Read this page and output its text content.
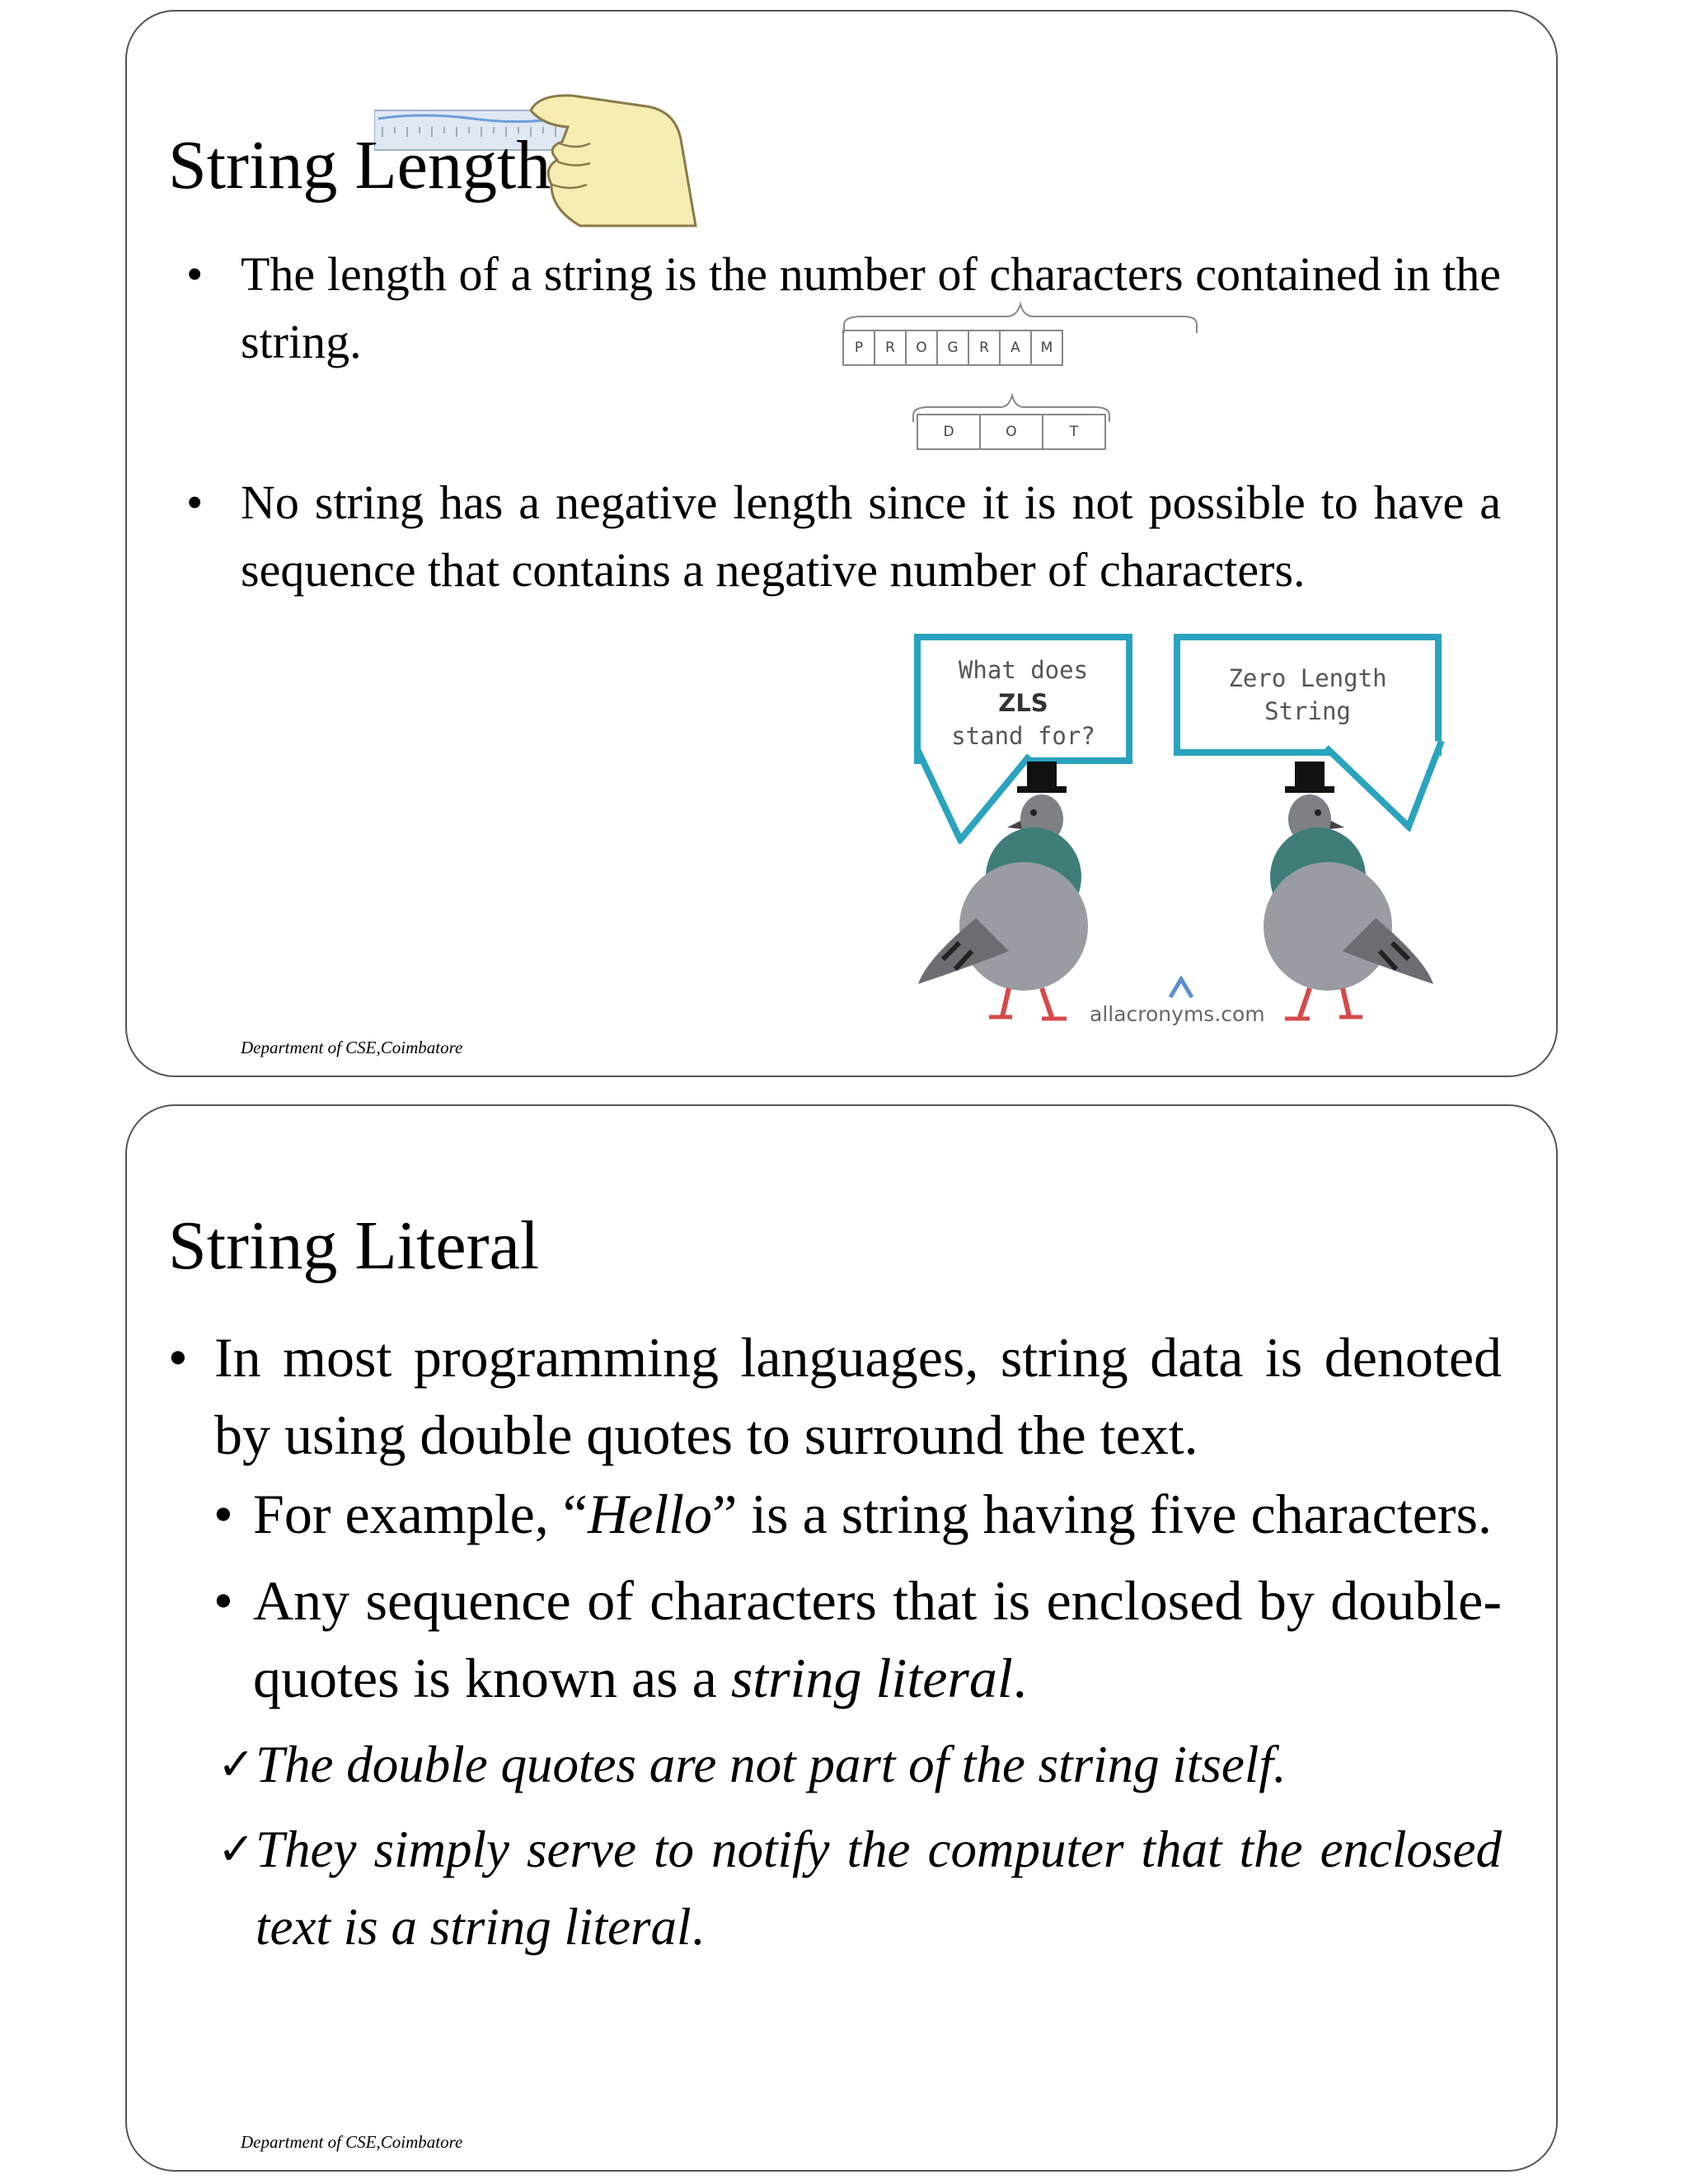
String Length
• The length of a string is the number of characters contained in the string.	P	R	O	G	R	A	M
D	O	T
• No string has a negative length since it is not possible to have a sequence that contains a negative number of characters.
What does
ZLS
stand for?
Zero Length
String
allacronyms.com
Department of CSE,Coimbatore
String Literal
• In most programming languages, string data is denoted by using double quotes to surround the text.
• For example, “Hello” is a string having five characters.
• Any sequence of characters that is enclosed by double-quotes is known as a string literal.
✓ The double quotes are not part of the string itself.
✓ They simply serve to notify the computer that the enclosed text is a string literal.
Department of CSE,Coimbatore
